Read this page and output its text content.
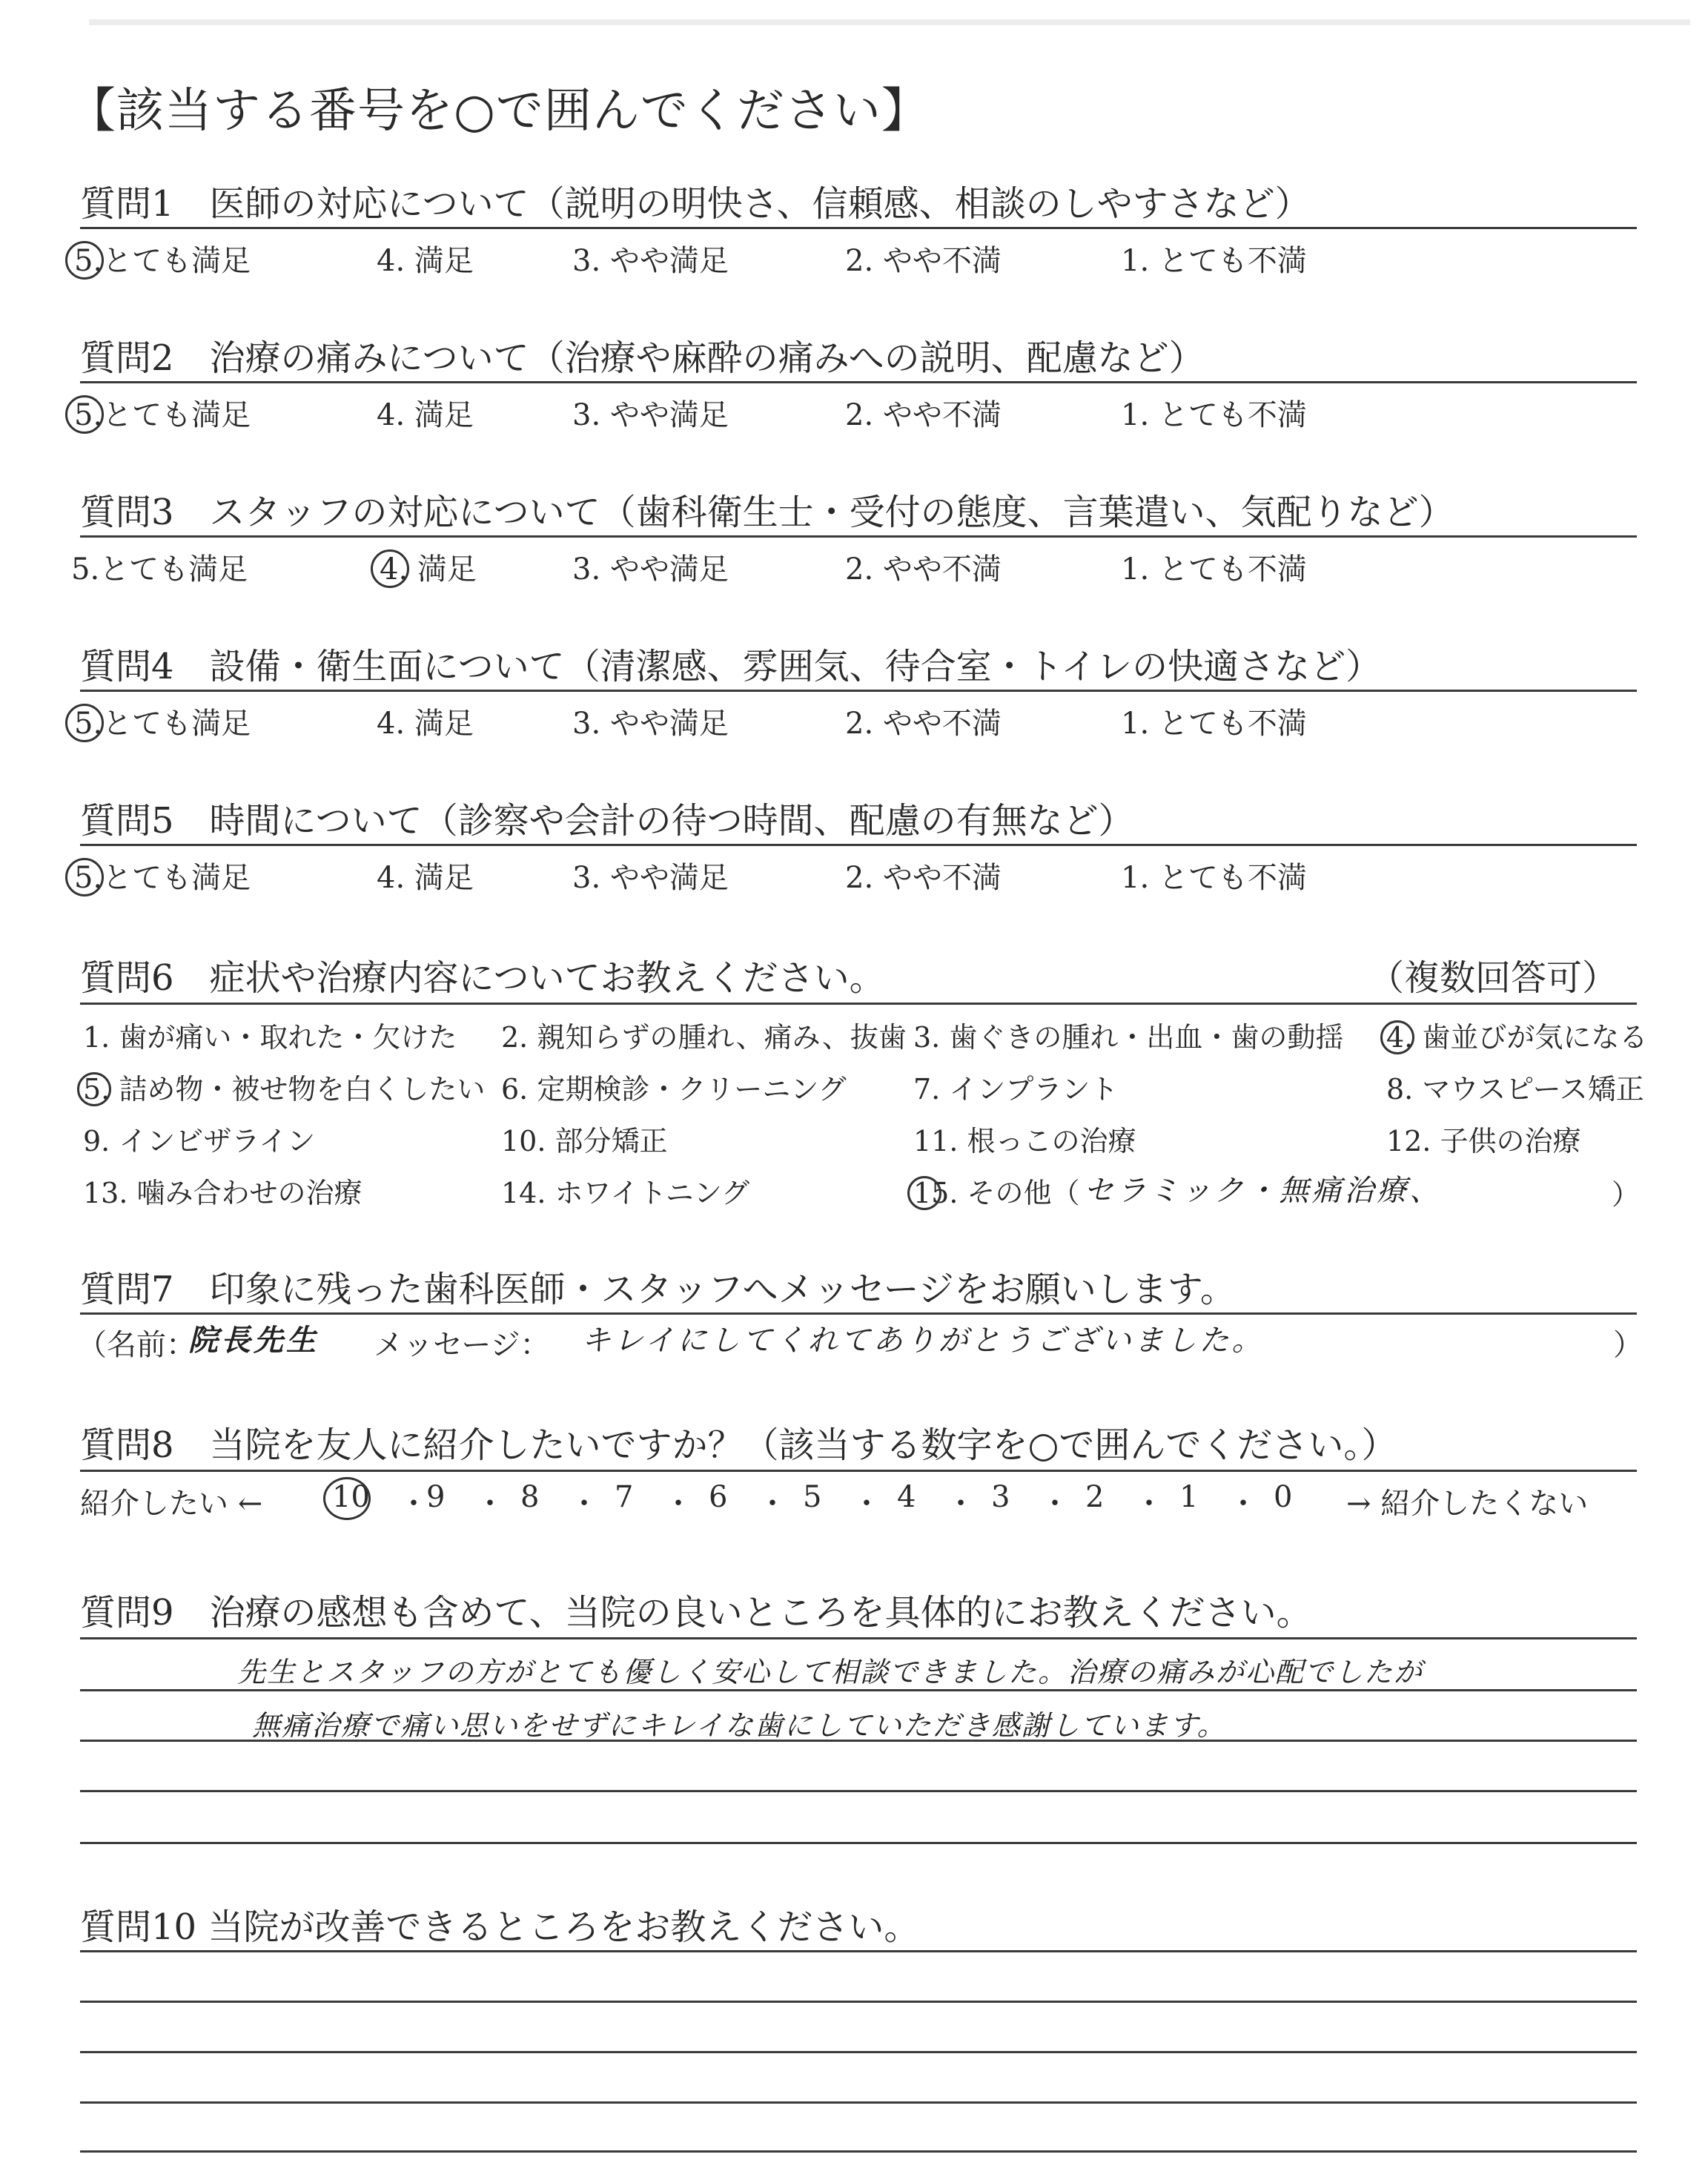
【該当する番号を○で囲んでください】
質問1　医師の対応について（説明の明快さ、信頼感、相談のしやすさなど）
5.とても満足	4. 満足	3. やや満足	2. やや不満	1. とても不満
質問2　治療の痛みについて（治療や麻酔の痛みへの説明、配慮など）
5.とても満足	4. 満足	3. やや満足	2. やや不満	1. とても不満
質問3　スタッフの対応について（歯科衛生士・受付の態度、言葉遣い、気配りなど）
5.とても満足	4. 満足	3. やや満足	2. やや不満	1. とても不満
質問4　設備・衛生面について（清潔感、雰囲気、待合室・トイレの快適さなど）
5.とても満足	4. 満足	3. やや満足	2. やや不満	1. とても不満
質問5　時間について（診察や会計の待つ時間、配慮の有無など）
5.とても満足	4. 満足	3. やや満足	2. やや不満	1. とても不満
質問6　症状や治療内容についてお教えください。	（複数回答可）
1. 歯が痛い・取れた・欠けた 2. 親知らずの腫れ、痛み、抜歯 3. 歯ぐきの腫れ・出血・歯の動揺 4. 歯並びが気になる
5. 詰め物・被せ物を白くしたい 6. 定期検診・クリーニング 7. インプラント	8. マウスピース矯正
9. インビザライン	10. 部分矯正	11. 根っこの治療	12. 子供の治療
13. 噛み合わせの治療	14. ホワイトニング	15. その他（ セラミック・無痛治療、	）
質問7　印象に残った歯科医師・スタッフへメッセージをお願いします。
（名前：
院長先生 メッセージ： キレイにしてくれてありがとうございました。	）
質問8　当院を友人に紹介したいですか？（該当する数字を○で囲んでください。）
紹介したい ← 10 ・
9 ・ 8 ・ 7 ・ 6 ・ 5 ・ 4 ・ 3 ・ 2 ・ 1 ・ 0 → 紹介したくない
質問9　治療の感想も含めて、当院の良いところを具体的にお教えください。
先生とスタッフの方がとても優しく安心して相談できました。治療の痛みが心配でしたが
無痛治療で痛い思いをせずにキレイな歯にしていただき感謝しています。
質問10 当院が改善できるところをお教えください。
